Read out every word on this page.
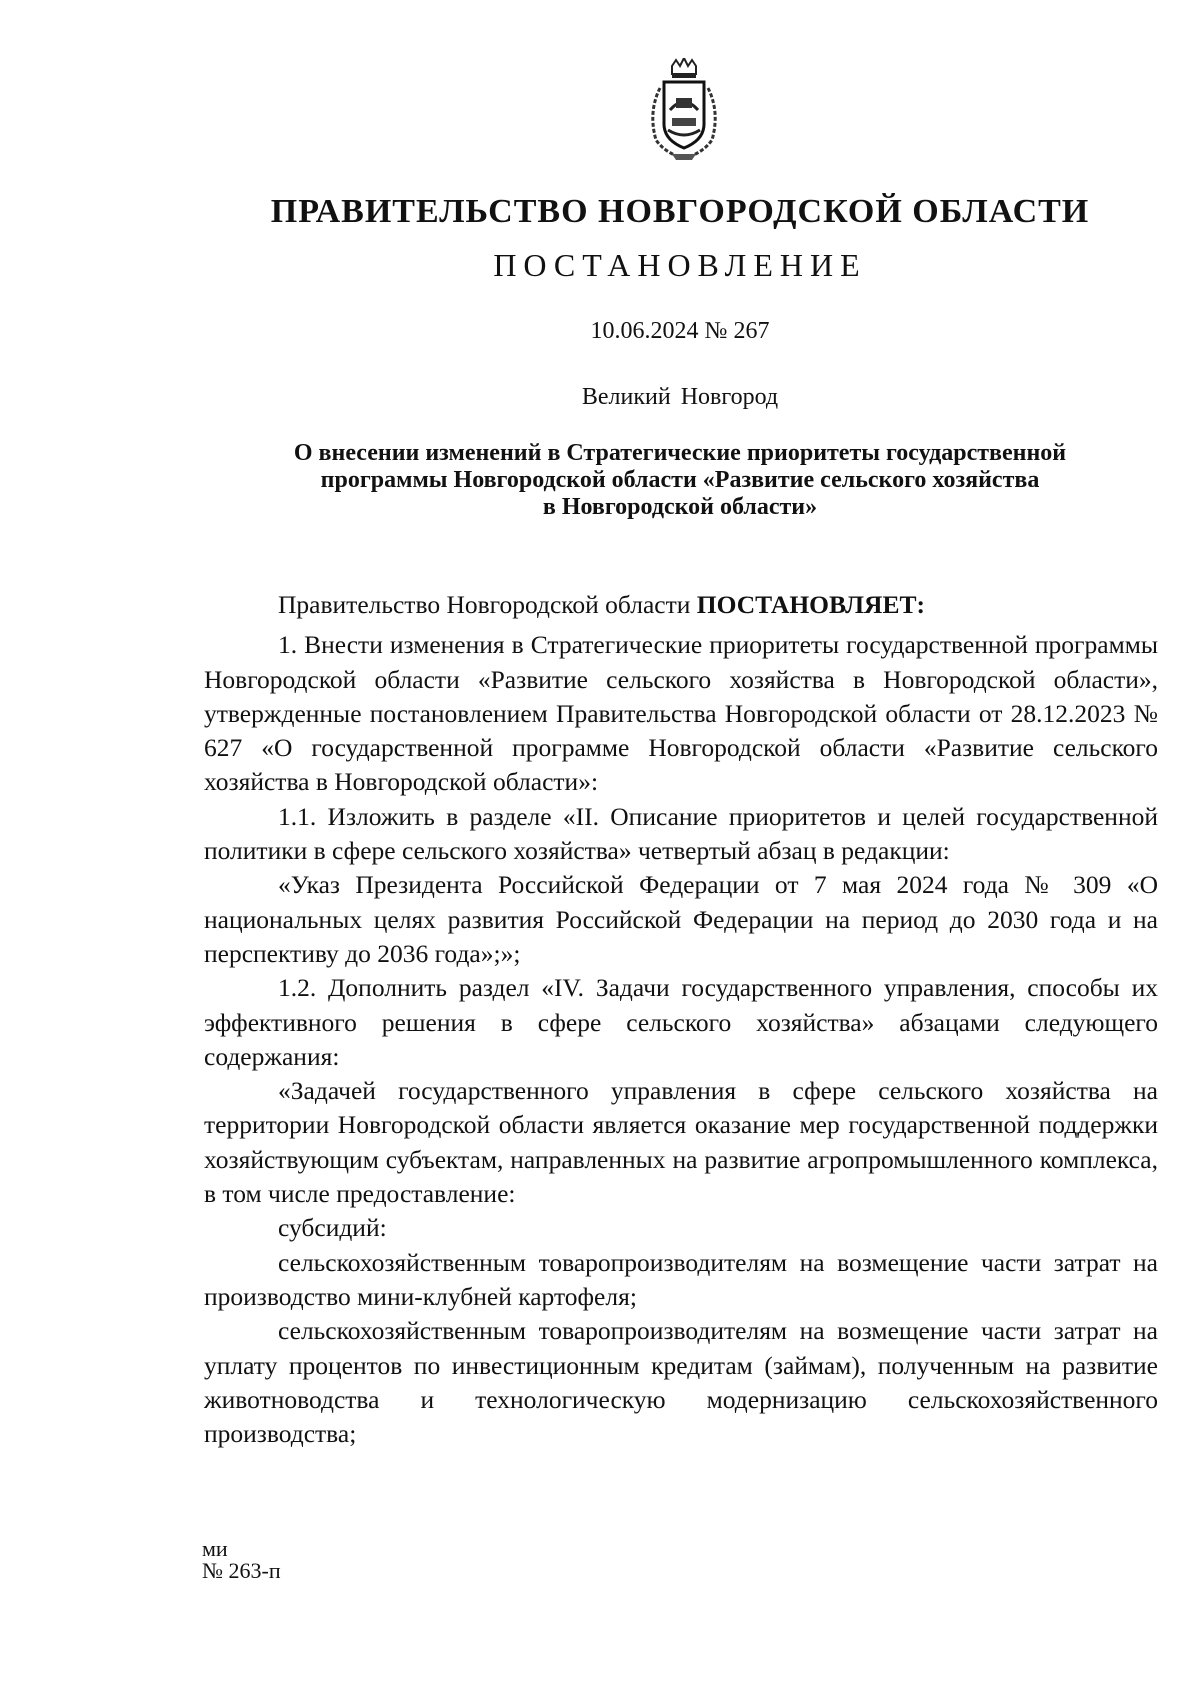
ПРАВИТЕЛЬСТВО НОВГОРОДСКОЙ ОБЛАСТИ
ПОСТАНОВЛЕНИЕ
10.06.2024 № 267
Великий Новгород
О внесении изменений в Стратегические приоритеты государственной
программы Новгородской области «Развитие сельского хозяйства
в Новгородской области»

Правительство Новгородской области ПОСТАНОВЛЯЕТ:

1. Внести изменения в Стратегические приоритеты государственной программы Новгородской области «Развитие сельского хозяйства в Новгородской области», утвержденные постановлением Правительства Новгородской области от 28.12.2023 № 627 «О государственной программе Новгородской области «Развитие сельского хозяйства в Новгородской области»:

1.1. Изложить в разделе «II. Описание приоритетов и целей государственной политики в сфере сельского хозяйства» четвертый абзац в редакции:

«Указ Президента Российской Федерации от 7 мая 2024 года № 309 «О национальных целях развития Российской Федерации на период до 2030 года и на перспективу до 2036 года»;»;

1.2. Дополнить раздел «IV. Задачи государственного управления, способы их эффективного решения в сфере сельского хозяйства» абзацами следующего содержания:

«Задачей государственного управления в сфере сельского хозяйства на территории Новгородской области является оказание мер государственной поддержки хозяйствующим субъектам, направленных на развитие агропромышленного комплекса, в том числе предоставление:

субсидий:

сельскохозяйственным товаропроизводителям на возмещение части затрат на производство мини-клубней картофеля;

сельскохозяйственным товаропроизводителям на возмещение части затрат на уплату процентов по инвестиционным кредитам (займам), полученным на развитие животноводства и технологическую модернизацию сельскохозяйственного производства;

ми
№ 263-п
